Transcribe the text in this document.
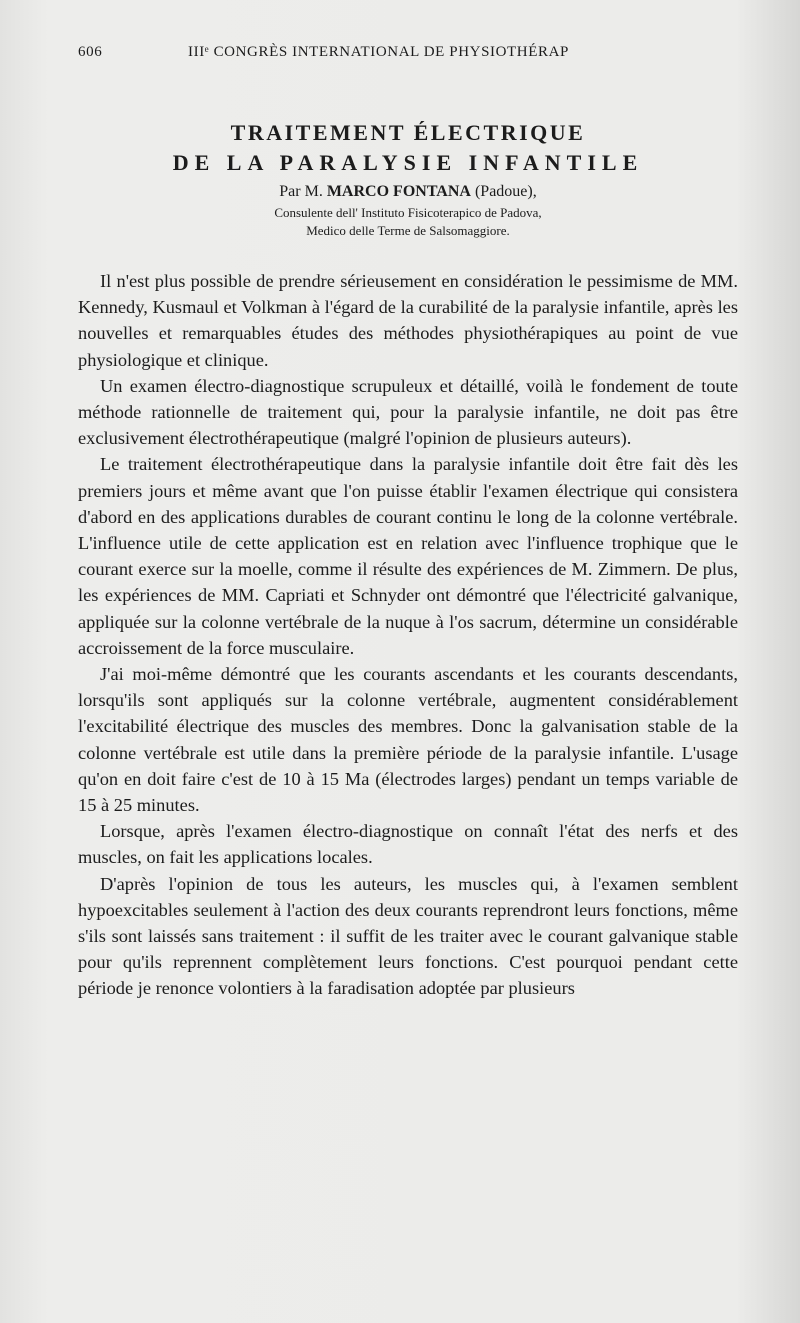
606	IIIᵉ CONGRÈS INTERNATIONAL DE PHYSIOTHÉRAP
TRAITEMENT ÉLECTRIQUE
DE LA PARALYSIE INFANTILE
Par M. MARCO FONTANA (Padoue),
Consulente dell' Instituto Fisicoterapico de Padova,
Medico delle Terme de Salsomaggiore.

Il n'est plus possible de prendre sérieusement en considération le pessimisme de MM. Kennedy, Kusmaul et Volkman à l'égard de la curabilité de la paralysie infantile, après les nouvelles et remarquables études des méthodes physiothérapiques au point de vue physiologique et clinique.

Un examen électro-diagnostique scrupuleux et détaillé, voilà le fondement de toute méthode rationnelle de traitement qui, pour la paralysie infantile, ne doit pas être exclusivement électrothérapeutique (malgré l'opinion de plusieurs auteurs).

Le traitement électrothérapeutique dans la paralysie infantile doit être fait dès les premiers jours et même avant que l'on puisse établir l'examen électrique qui consistera d'abord en des applications durables de courant continu le long de la colonne vertébrale. L'influence utile de cette application est en relation avec l'influence trophique que le courant exerce sur la moelle, comme il résulte des expériences de M. Zimmern. De plus, les expériences de MM. Capriati et Schnyder ont démontré que l'électricité galvanique, appliquée sur la colonne vertébrale de la nuque à l'os sacrum, détermine un considérable accroissement de la force musculaire.

J'ai moi-même démontré que les courants ascendants et les courants descendants, lorsqu'ils sont appliqués sur la colonne vertébrale, augmentent considérablement l'excitabilité électrique des muscles des membres. Donc la galvanisation stable de la colonne vertébrale est utile dans la première période de la paralysie infantile. L'usage qu'on en doit faire c'est de 10 à 15 Ma (électrodes larges) pendant un temps variable de 15 à 25 minutes.

Lorsque, après l'examen électro-diagnostique on connaît l'état des nerfs et des muscles, on fait les applications locales.

D'après l'opinion de tous les auteurs, les muscles qui, à l'examen semblent hypoexcitables seulement à l'action des deux courants reprendront leurs fonctions, même s'ils sont laissés sans traitement : il suffit de les traiter avec le courant galvanique stable pour qu'ils reprennent complètement leurs fonctions. C'est pourquoi pendant cette période je renonce volontiers à la faradisation adoptée par plusieurs
